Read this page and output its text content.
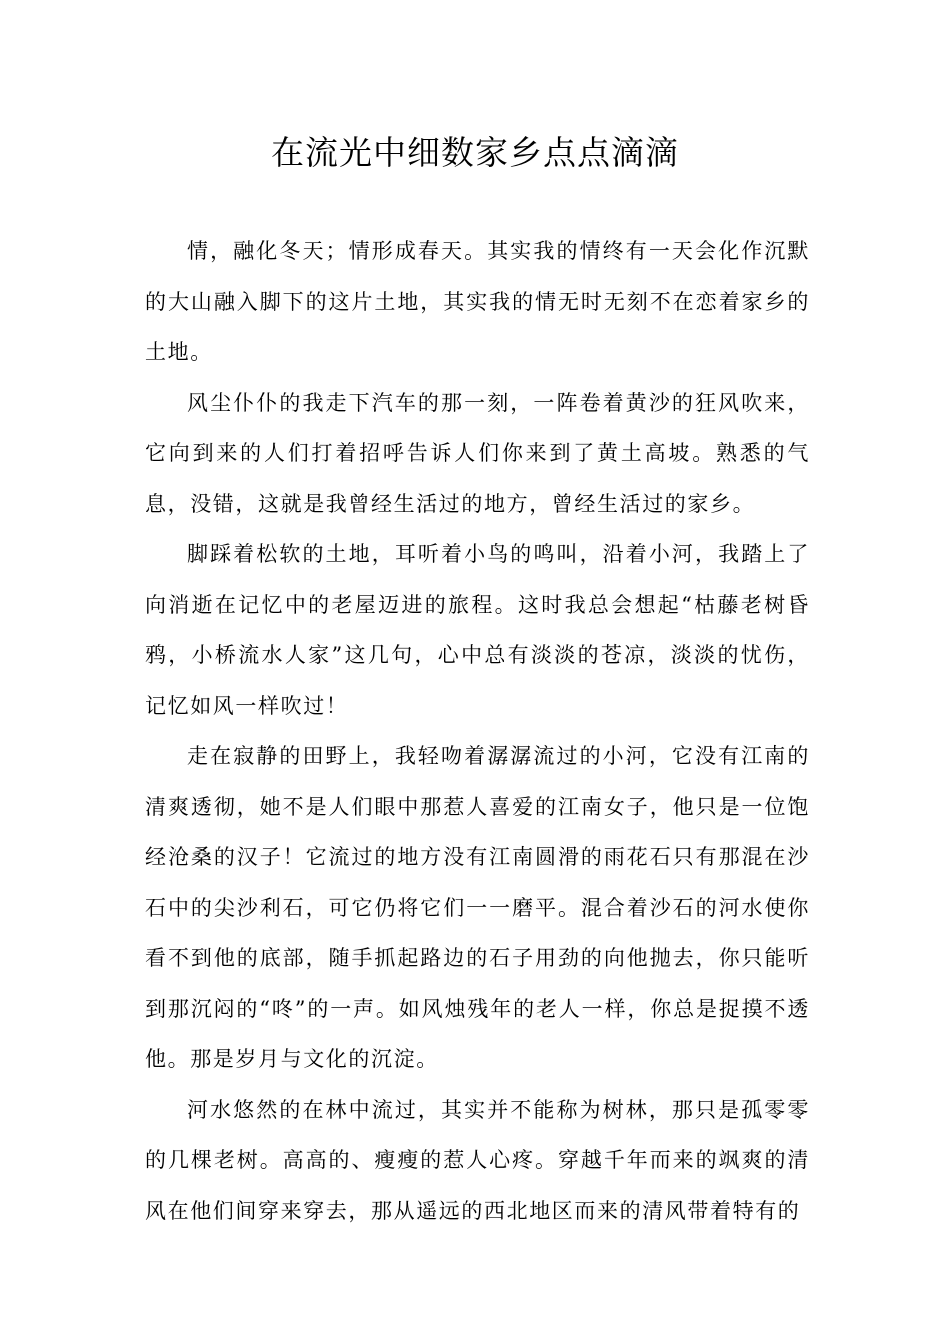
在流光中细数家乡点点滴滴

情，融化冬天；情形成春天。其实我的情终有一天会化作沉默的大山融入脚下的这片土地，其实我的情无时无刻不在恋着家乡的土地。

风尘仆仆的我走下汽车的那一刻，一阵卷着黄沙的狂风吹来，它向到来的人们打着招呼告诉人们你来到了黄土高坡。熟悉的气息，没错，这就是我曾经生活过的地方，曾经生活过的家乡。

脚踩着松软的土地，耳听着小鸟的鸣叫，沿着小河，我踏上了向消逝在记忆中的老屋迈进的旅程。这时我总会想起“枯藤老树昏鸦，小桥流水人家”这几句，心中总有淡淡的苍凉，淡淡的忧伤，记忆如风一样吹过！

走在寂静的田野上，我轻吻着潺潺流过的小河，它没有江南的清爽透彻，她不是人们眼中那惹人喜爱的江南女子，他只是一位饱经沧桑的汉子！它流过的地方没有江南圆滑的雨花石只有那混在沙石中的尖沙利石，可它仍将它们一一磨平。混合着沙石的河水使你看不到他的底部，随手抓起路边的石子用劲的向他抛去，你只能听到那沉闷的“咚”的一声。如风烛残年的老人一样，你总是捉摸不透他。那是岁月与文化的沉淀。

河水悠然的在林中流过，其实并不能称为树林，那只是孤零零的几棵老树。高高的、瘦瘦的惹人心疼。穿越千年而来的飒爽的清风在他们间穿来穿去，那从遥远的西北地区而来的清风带着特有的
